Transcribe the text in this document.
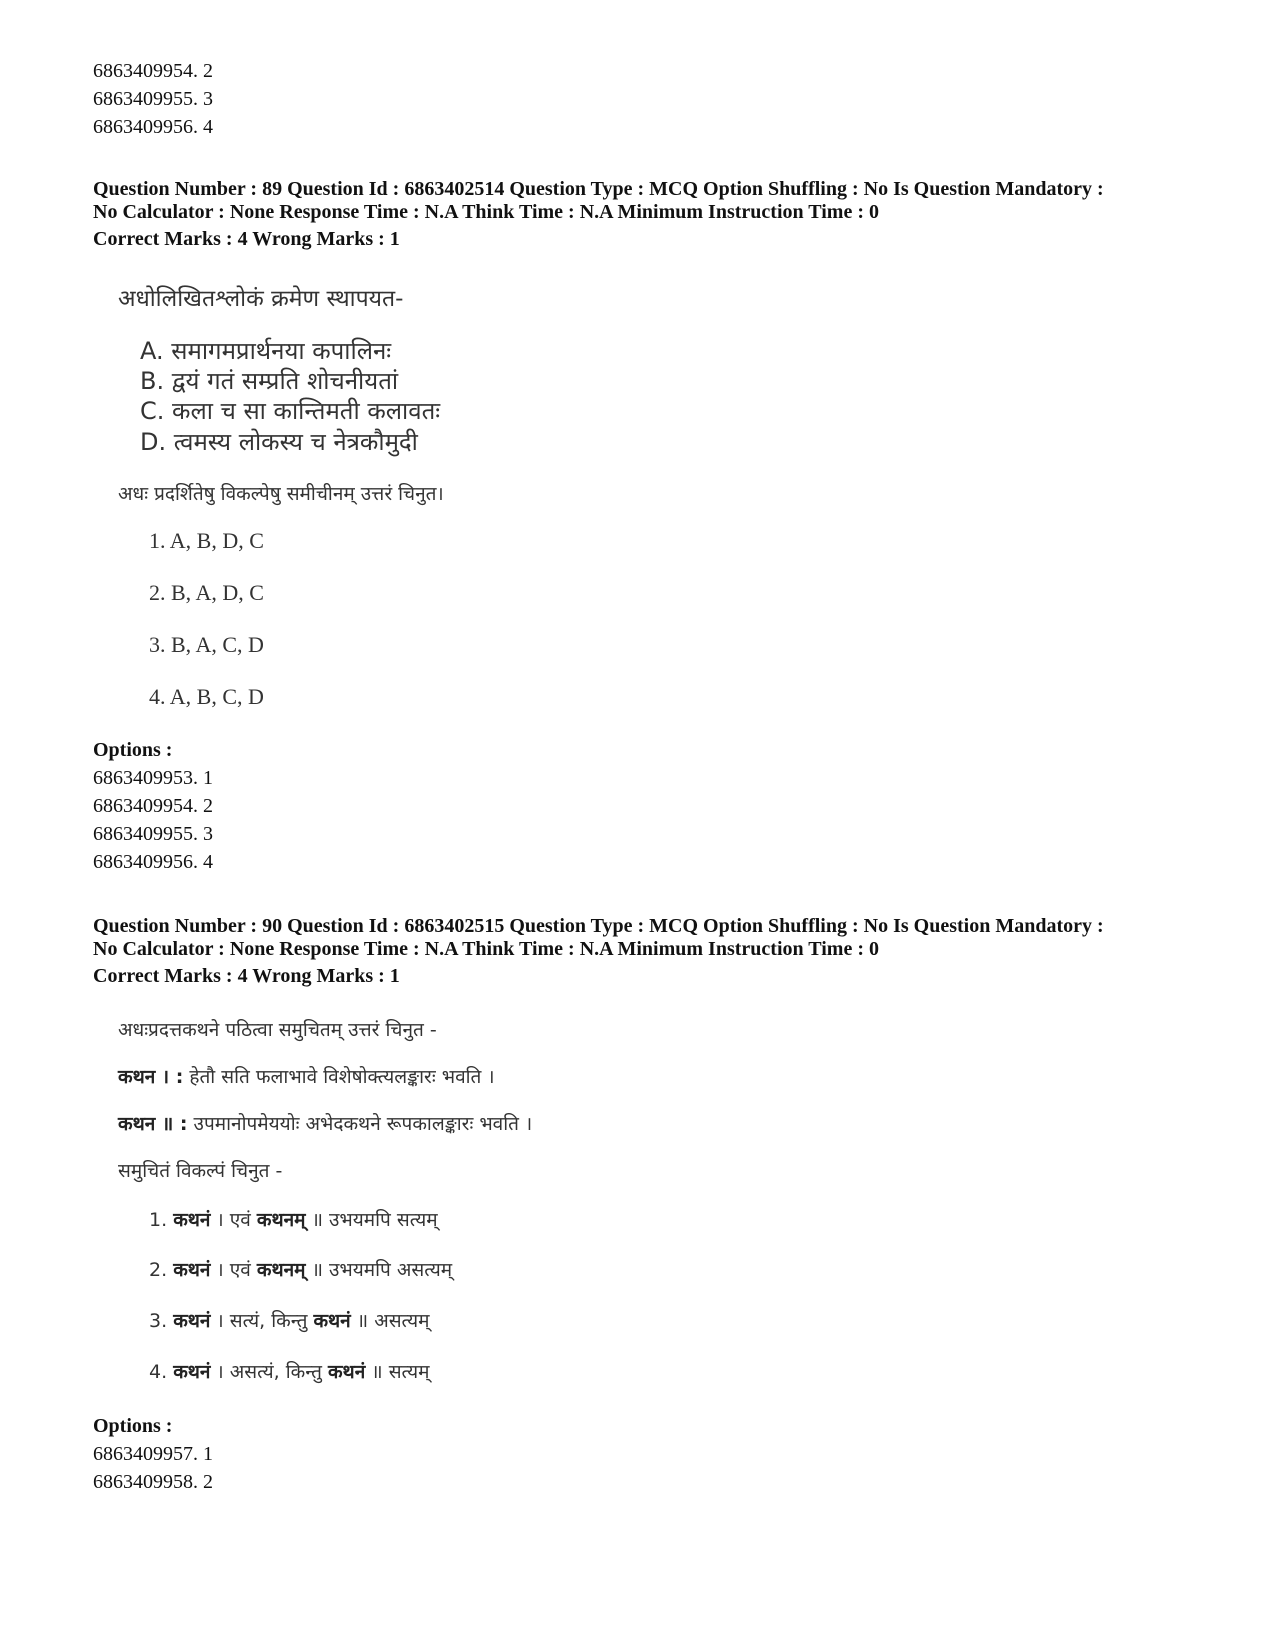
6863409954. 2
6863409955. 3
6863409956. 4
Question Number : 89 Question Id : 6863402514 Question Type : MCQ Option Shuffling : No Is Question Mandatory :
No Calculator : None Response Time : N.A Think Time : N.A Minimum Instruction Time : 0
Correct Marks : 4 Wrong Marks : 1
अधोलिखितश्लोकं क्रमेण स्थापयत-
A. समागमप्रार्थनया कपालिनः
B. द्वयं गतं सम्प्रति शोचनीयतां
C. कला च सा कान्तिमती कलावतः
D. त्वमस्य लोकस्य च नेत्रकौमुदी
अधः प्रदर्शितेषु विकल्पेषु समीचीनम् उत्तरं चिनुत।
1. A, B, D, C
2. B, A, D, C
3. B, A, C, D
4. A, B, C, D
Options :
6863409953. 1
6863409954. 2
6863409955. 3
6863409956. 4
Question Number : 90 Question Id : 6863402515 Question Type : MCQ Option Shuffling : No Is Question Mandatory :
No Calculator : None Response Time : N.A Think Time : N.A Minimum Instruction Time : 0
Correct Marks : 4 Wrong Marks : 1
अधःप्रदत्तकथने पठित्वा समुचितम् उत्तरं चिनुत -
कथन । : हेतौ सति फलाभावे विशेषोक्त्यलङ्कारः भवति ।
कथन ॥ : उपमानोपमेययोः अभेदकथने रूपकालङ्कारः भवति ।
समुचितं विकल्पं चिनुत -
1. कथनं । एवं कथनम् ॥ उभयमपि सत्यम्
2. कथनं । एवं कथनम् ॥ उभयमपि असत्यम्
3. कथनं । सत्यं, किन्तु कथनं ॥ असत्यम्
4. कथनं । असत्यं, किन्तु कथनं ॥ सत्यम्
Options :
6863409957. 1
6863409958. 2
